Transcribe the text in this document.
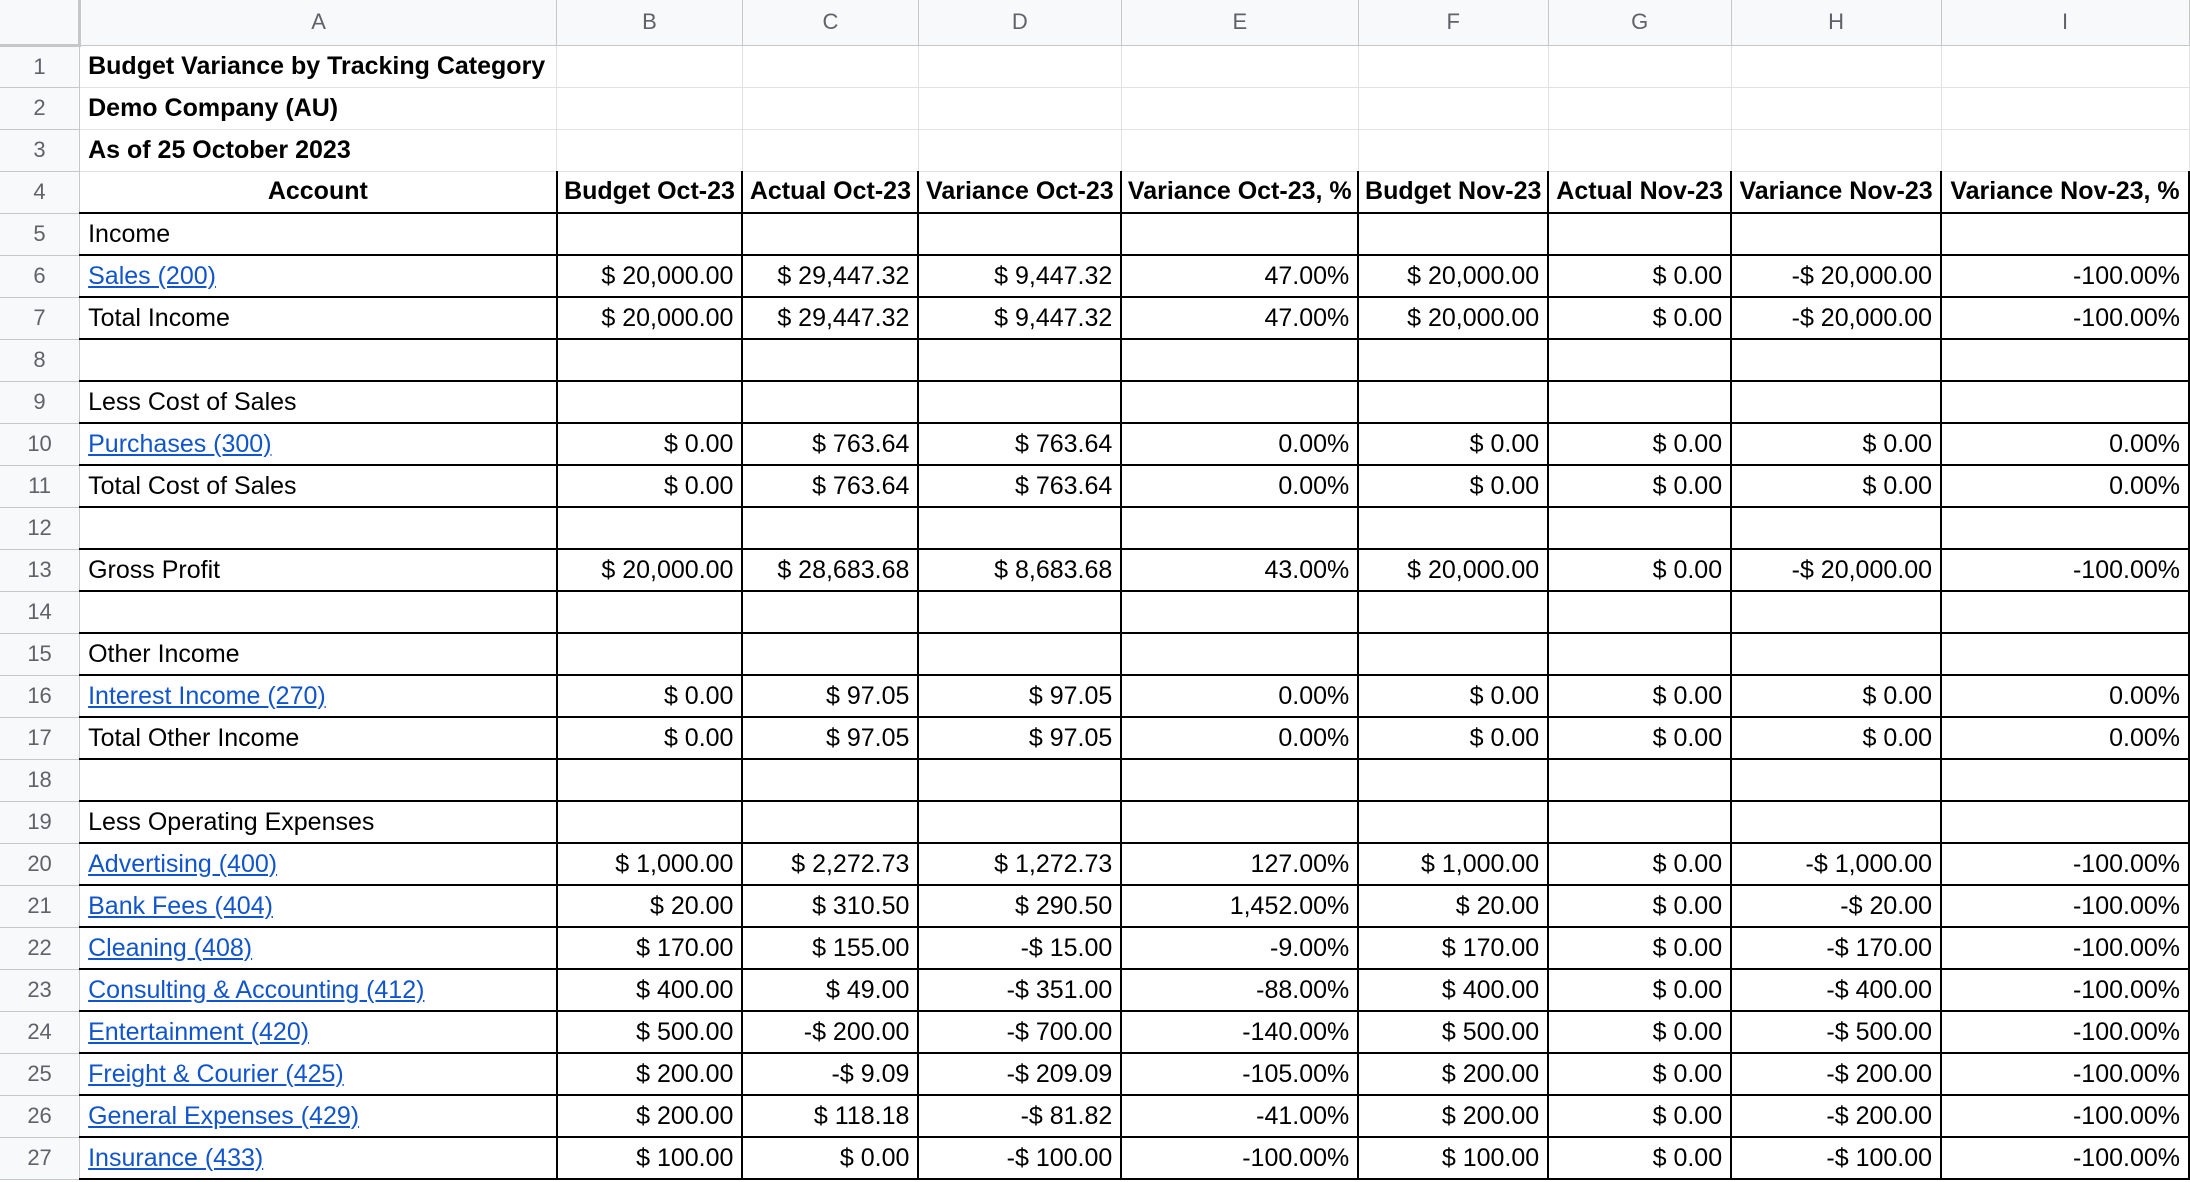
	A	B	C	D	E	F	G	H	I
1	Budget Variance by Tracking Category								
2	Demo Company (AU)								
3	As of 25 October 2023								
4	Account	Budget Oct-23	Actual Oct-23	Variance Oct-23	Variance Oct-23, %	Budget Nov-23	Actual Nov-23	Variance Nov-23	Variance Nov-23, %
5	Income								
6	Sales (200)	$ 20,000.00	$ 29,447.32	$ 9,447.32	47.00%	$ 20,000.00	$ 0.00	-$ 20,000.00	-100.00%
7	Total Income	$ 20,000.00	$ 29,447.32	$ 9,447.32	47.00%	$ 20,000.00	$ 0.00	-$ 20,000.00	-100.00%
8									
9	Less Cost of Sales								
10	Purchases (300)	$ 0.00	$ 763.64	$ 763.64	0.00%	$ 0.00	$ 0.00	$ 0.00	0.00%
11	Total Cost of Sales	$ 0.00	$ 763.64	$ 763.64	0.00%	$ 0.00	$ 0.00	$ 0.00	0.00%
12									
13	Gross Profit	$ 20,000.00	$ 28,683.68	$ 8,683.68	43.00%	$ 20,000.00	$ 0.00	-$ 20,000.00	-100.00%
14									
15	Other Income								
16	Interest Income (270)	$ 0.00	$ 97.05	$ 97.05	0.00%	$ 0.00	$ 0.00	$ 0.00	0.00%
17	Total Other Income	$ 0.00	$ 97.05	$ 97.05	0.00%	$ 0.00	$ 0.00	$ 0.00	0.00%
18									
19	Less Operating Expenses								
20	Advertising (400)	$ 1,000.00	$ 2,272.73	$ 1,272.73	127.00%	$ 1,000.00	$ 0.00	-$ 1,000.00	-100.00%
21	Bank Fees (404)	$ 20.00	$ 310.50	$ 290.50	1,452.00%	$ 20.00	$ 0.00	-$ 20.00	-100.00%
22	Cleaning (408)	$ 170.00	$ 155.00	-$ 15.00	-9.00%	$ 170.00	$ 0.00	-$ 170.00	-100.00%
23	Consulting & Accounting (412)	$ 400.00	$ 49.00	-$ 351.00	-88.00%	$ 400.00	$ 0.00	-$ 400.00	-100.00%
24	Entertainment (420)	$ 500.00	-$ 200.00	-$ 700.00	-140.00%	$ 500.00	$ 0.00	-$ 500.00	-100.00%
25	Freight & Courier (425)	$ 200.00	-$ 9.09	-$ 209.09	-105.00%	$ 200.00	$ 0.00	-$ 200.00	-100.00%
26	General Expenses (429)	$ 200.00	$ 118.18	-$ 81.82	-41.00%	$ 200.00	$ 0.00	-$ 200.00	-100.00%
27	Insurance (433)	$ 100.00	$ 0.00	-$ 100.00	-100.00%	$ 100.00	$ 0.00	-$ 100.00	-100.00%
